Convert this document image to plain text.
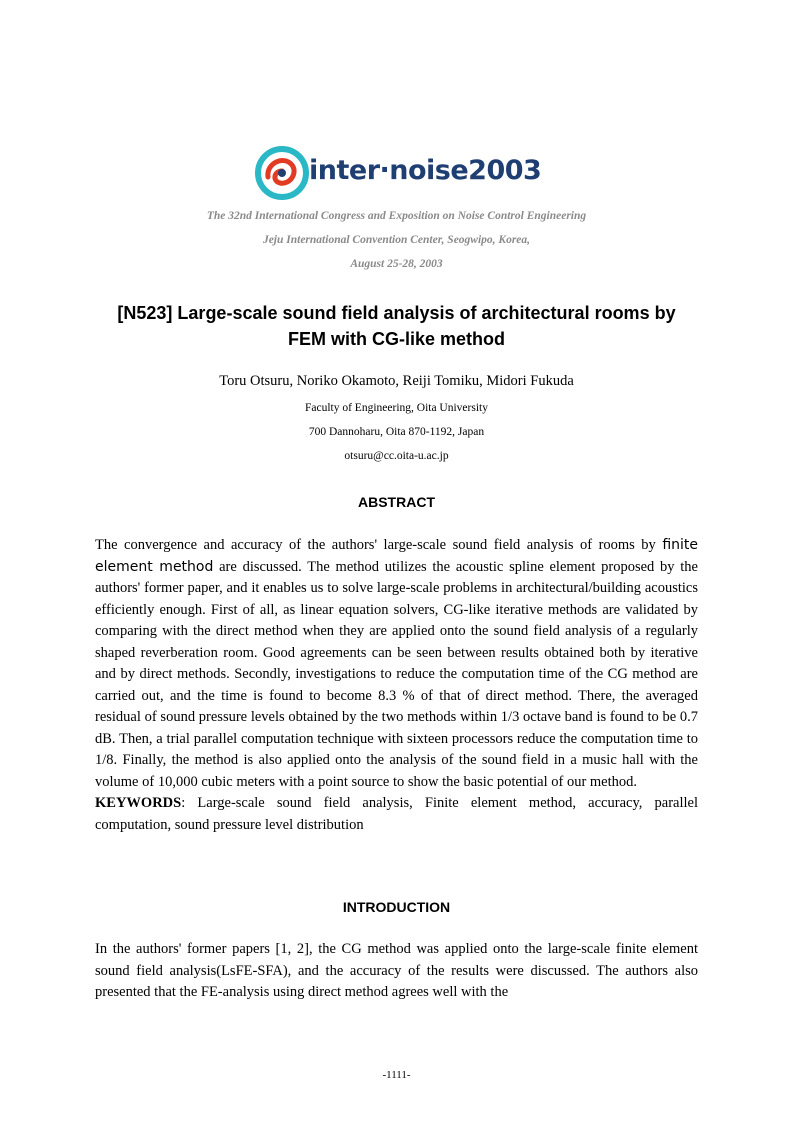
inter·noise2003
The 32nd International Congress and Exposition on Noise Control Engineering
Jeju International Convention Center, Seogwipo, Korea,
August 25-28, 2003
[N523] Large-scale sound field analysis of architectural rooms by
FEM with CG-like method
Toru Otsuru, Noriko Okamoto, Reiji Tomiku, Midori Fukuda
Faculty of Engineering, Oita University
700 Dannoharu, Oita 870-1192, Japan
otsuru@cc.oita-u.ac.jp
ABSTRACT

The convergence and accuracy of the authors' large-scale sound field analysis of rooms by finite element method are discussed. The method utilizes the acoustic spline element proposed by the authors' former paper, and it enables us to solve large-scale problems in architectural/building acoustics efficiently enough. First of all, as linear equation solvers, CG-like iterative methods are validated by comparing with the direct method when they are applied onto the sound field analysis of a regularly shaped reverberation room. Good agreements can be seen between results obtained both by iterative and by direct methods. Secondly, investigations to reduce the computation time of the CG method are carried out, and the time is found to become 8.3 % of that of direct method. There, the averaged residual of sound pressure levels obtained by the two methods within 1/3 octave band is found to be 0.7 dB. Then, a trial parallel computation technique with sixteen processors reduce the computation time to 1/8. Finally, the method is also applied onto the analysis of the sound field in a music hall with the volume of 10,000 cubic meters with a point source to show the basic potential of our method.

KEYWORDS: Large-scale sound field analysis, Finite element method, accuracy, parallel computation, sound pressure level distribution

INTRODUCTION

In the authors' former papers [1, 2], the CG method was applied onto the large-scale finite element sound field analysis(LsFE-SFA), and the accuracy of the results were discussed. The authors also presented that the FE-analysis using direct method agrees well with the

-1111-
